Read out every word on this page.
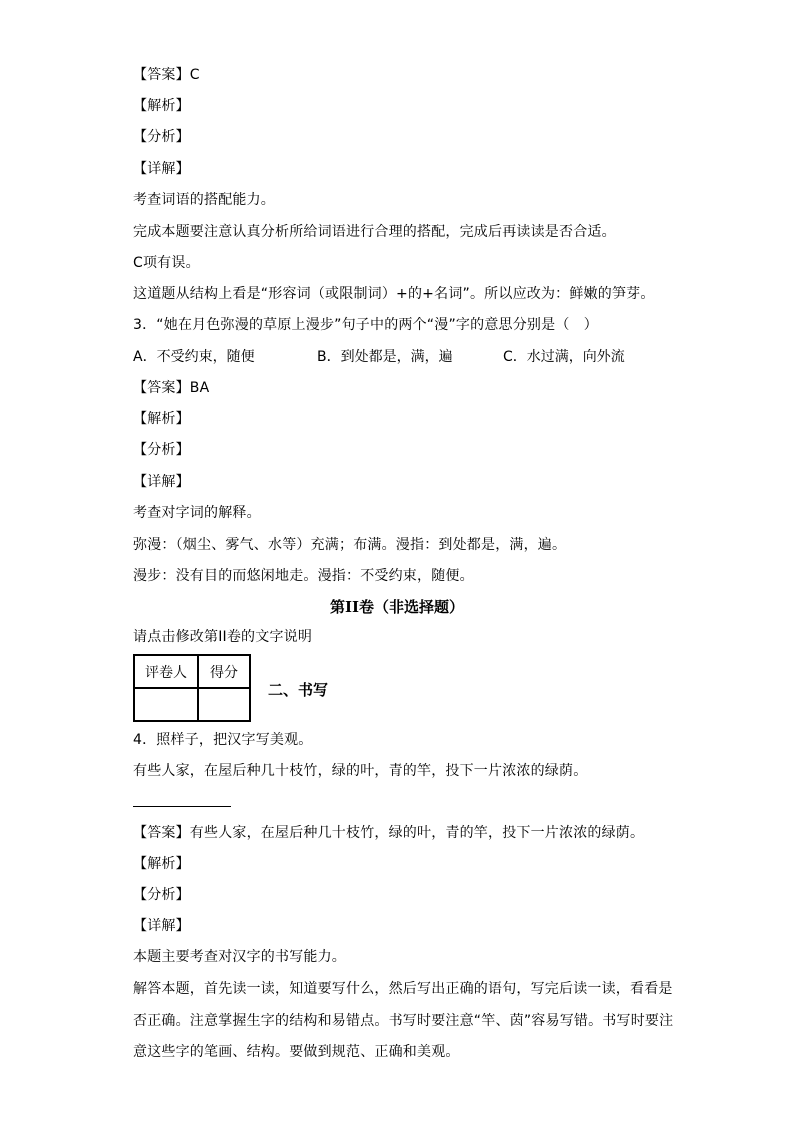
【答案】C
【解析】
【分析】
【详解】
考查词语的搭配能力。
完成本题要注意认真分析所给词语进行合理的搭配，完成后再读读是否合适。
C项有误。
这道题从结构上看是“形容词（或限制词）+的+名词”。所以应改为：鲜嫩的笋芽。
3．“她在月色弥漫的草原上漫步”句子中的两个“漫”字的意思分别是（　）
A．不受约束，随便	B．到处都是，满，遍	C．水过满，向外流
【答案】BA
【解析】
【分析】
【详解】
考查对字词的解释。
弥漫：（烟尘、雾气、水等）充满；布满。漫指：到处都是，满，遍。
漫步：没有目的而悠闲地走。漫指：不受约束，随便。
第II卷（非选择题）
请点击修改第II卷的文字说明
评卷人	得分

二、书写
4．照样子，把汉字写美观。
有些人家，在屋后种几十枝竹，绿的叶，青的竿，投下一片浓浓的绿荫。
【答案】有些人家，在屋后种几十枝竹，绿的叶，青的竿，投下一片浓浓的绿荫。
【解析】
【分析】
【详解】
本题主要考查对汉字的书写能力。
解答本题，首先读一读，知道要写什么，然后写出正确的语句，写完后读一读，看看是
否正确。注意掌握生字的结构和易错点。书写时要注意“竿、茵”容易写错。书写时要注
意这些字的笔画、结构。要做到规范、正确和美观。
